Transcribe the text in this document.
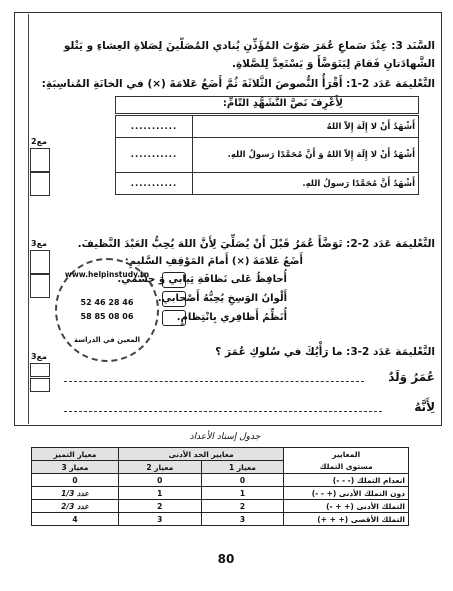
مع2
مع3
مع3
السَّنَد 3: عِنْدَ سَماعِ عُمَرَ صَوْتَ المُؤَذِّنِ يُنادي المُصَلّينَ لِصَلاةِ العِشاءِ و يَتْلو
الشَّهادَتانِ فَقامَ لِيَتَوَضَّأَ وَ يَسْتَعِدَّ لِلصَّلاةِ.
التَّعْليمَة عَدَد 2-1: أَقْرَأُ النُّصوصَ الثَّلاثَةَ ثُمَّ أَضَعُ عَلامَةَ (×) في الخانَةِ المُناسِبَةِ:
لِأَعْرِفَ نَصَّ التَّشَهُّدِ التّامِّ:
...........	أَشْهَدُ أَنْ لا إِلَهَ إِلاّ اللهُ
...........	أَشْهَدُ أَنْ لا إِلَهَ إِلاّ اللهُ وَ أَنَّ مُحَمَّدًا رَسولُ اللهِ.
...........	أَشْهَدُ أَنَّ مُحَمَّدًا رَسولُ اللهِ.
التَّعْليمَة عَدَد 2-2: تَوَضَّأَ عُمَرُ قَبْلَ أَنْ يُصَلِّيَ لِأَنَّ اللهَ يُحِبُّ العَبْدَ النَّظيفَ.
أَضَعُ عَلامَةَ (×) أَمامَ المَوْقِفِ السَّليمِ:
أُحافِظُ عَلى نَظافَةِ ثِيابي وَ جِسْمي.
أَلْوانُ الوَسِخِ يُحِبُّهُ أَصْحابي.
أُنَظِّمُ أَظافِري بِانْتِظامٍ.
www.helpinstudy.tn
52 46 28 46
58 85 08 06
المعين في الدراسة
التَّعْليمَة عَدَد 2-3: ما رَأْيُكَ في سُلوكِ عُمَرَ ؟
عُمَرُ وَلَدٌ
لِأَنَّهُ
جدول إسناد الأعداد
معيار التميز	معايير الحد الأدنى		المعايير
مستوى التملك

معيار 3	معيار 2	معيار 1	
0	0	0	انعدام التملك (- - -)
عدد 1/3	1	1	دون التملك الأدنى (+ - -)
عدد 2/3	2	2	التملك الأدنى (+ + -)
4	3	3	التملك الأقصى (+ + +)
80
